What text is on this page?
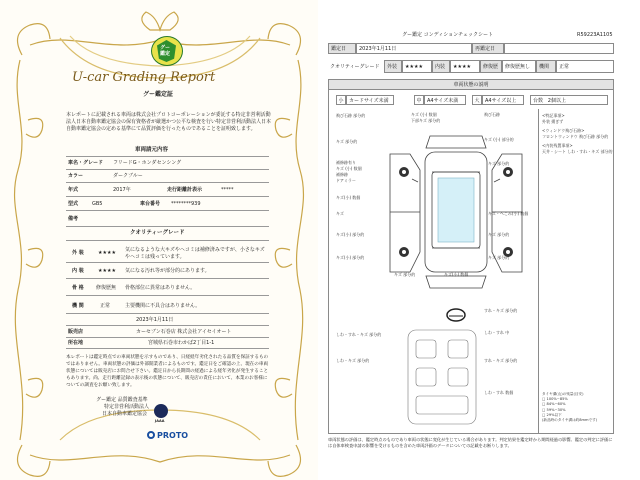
グー
鑑定
U-car Grading Report
グー鑑定証
本レポートに記載される車両は株式会社プロトコーポレーションが委託する特定非営利活動法人日本自動車鑑定協会の保有資格者が厳選かつ公平な検査を行い特定非営利活動法人日本自動車鑑定協会の定める基準にて品質評価を行ったものであることを証明致します。
車両請元内容
車名・グレード フリードG・ホンダセンシング
カラー	ダークブルー
年式	2017年	走行距離計表示	*****
型式	GB5	車台番号 ********939
備考
クオリティーグレード
外 装	★★★★ 気になるような大キズやヘコミは補修済みですが、小さなキズやヘコミは残っています。
内 装	★★★★ 気になる汚れ等が部分的にあります。
骨 格 修復歴無 骨格部位に異常はありません。
機 関	正常	主要機関に不具合はありません。
2023年1月11日
販売店	カーセブン石巻店 株式会社アイセイオート
所在地	宮城県石巻市わかば2丁目1-1
本レポートは鑑定時点での車両状態を示すものであり、日経経年劣化されたる品質を保証するものではありません。車両状態の評価は外部開業者によるものです。鑑定日をご確認の上、現在の車両状態については販売店にお問合せ下さい。鑑定日から長期間の経過による経年劣化が発生することもあります。尚、走行距離記録の表示後の状態について、販売店の責任において、本業のお客様についての調査をお願い致します。
グー鑑定 品質鑑査基準
特定非営利活動法人
日本自動車鑑定協会
JAAA
PROTO
グー鑑定 コンディションチェックシート	R59223A1105
鑑定日	2023年1月11日	再鑑定日
クオリティーグレード 外装 ★★★★ 内装 ★★★★ 修復歴 修復歴無し 機関 正常
車両状態の説明
小 カードサイズ未満	中 A4サイズ未満	大 A4サイズ以上	台数
2個以上
飛び石跡 部分的	キズ (小) 数個
下部キズ 部分的
飛び石跡
キズ (小) 部分的
キズ 部分的
補修跡有り
キズ (小) 数個
補修跡
ドアミラー
キズ 部分的
キズ(小) 数個
キズ	キズ・へこみ(小) 数個
キズ(小) 部分的	キズ 部分的
キズ(小) 部分的	キズ 部分的
キズ 部分的	キズ(小) 数個
すれ・キズ 部分的
しわ・すれ 中
しわ・すれ・キズ 部分的
すれ・キズ 部分的
しわ・キズ 部分的
しわ・すれ 数個
<特記事項>
外装 揚ぎず
<ウィンドウ飛び石跡>
フロントウィンドウ 飛び石跡 部分的
<内装残置事項>
天井・シート しわ・すれ・キズ 部分的
タイヤ溝(山)の残量(目安)
□ 100%~85%
□ 84%~60%
□ 59%~30%
□ 29%以下
(新品時のタイヤ溝は約8mmです)
車両状態の評価は、鑑定時点のものであり車両の状態に変化が生じている場合があります。判定結果を鑑定時から期間経過の影響。鑑定の判定に評価には自体車検査申請の影響を受けるものを含めた車両評価のデータについての記載をお断りします。
